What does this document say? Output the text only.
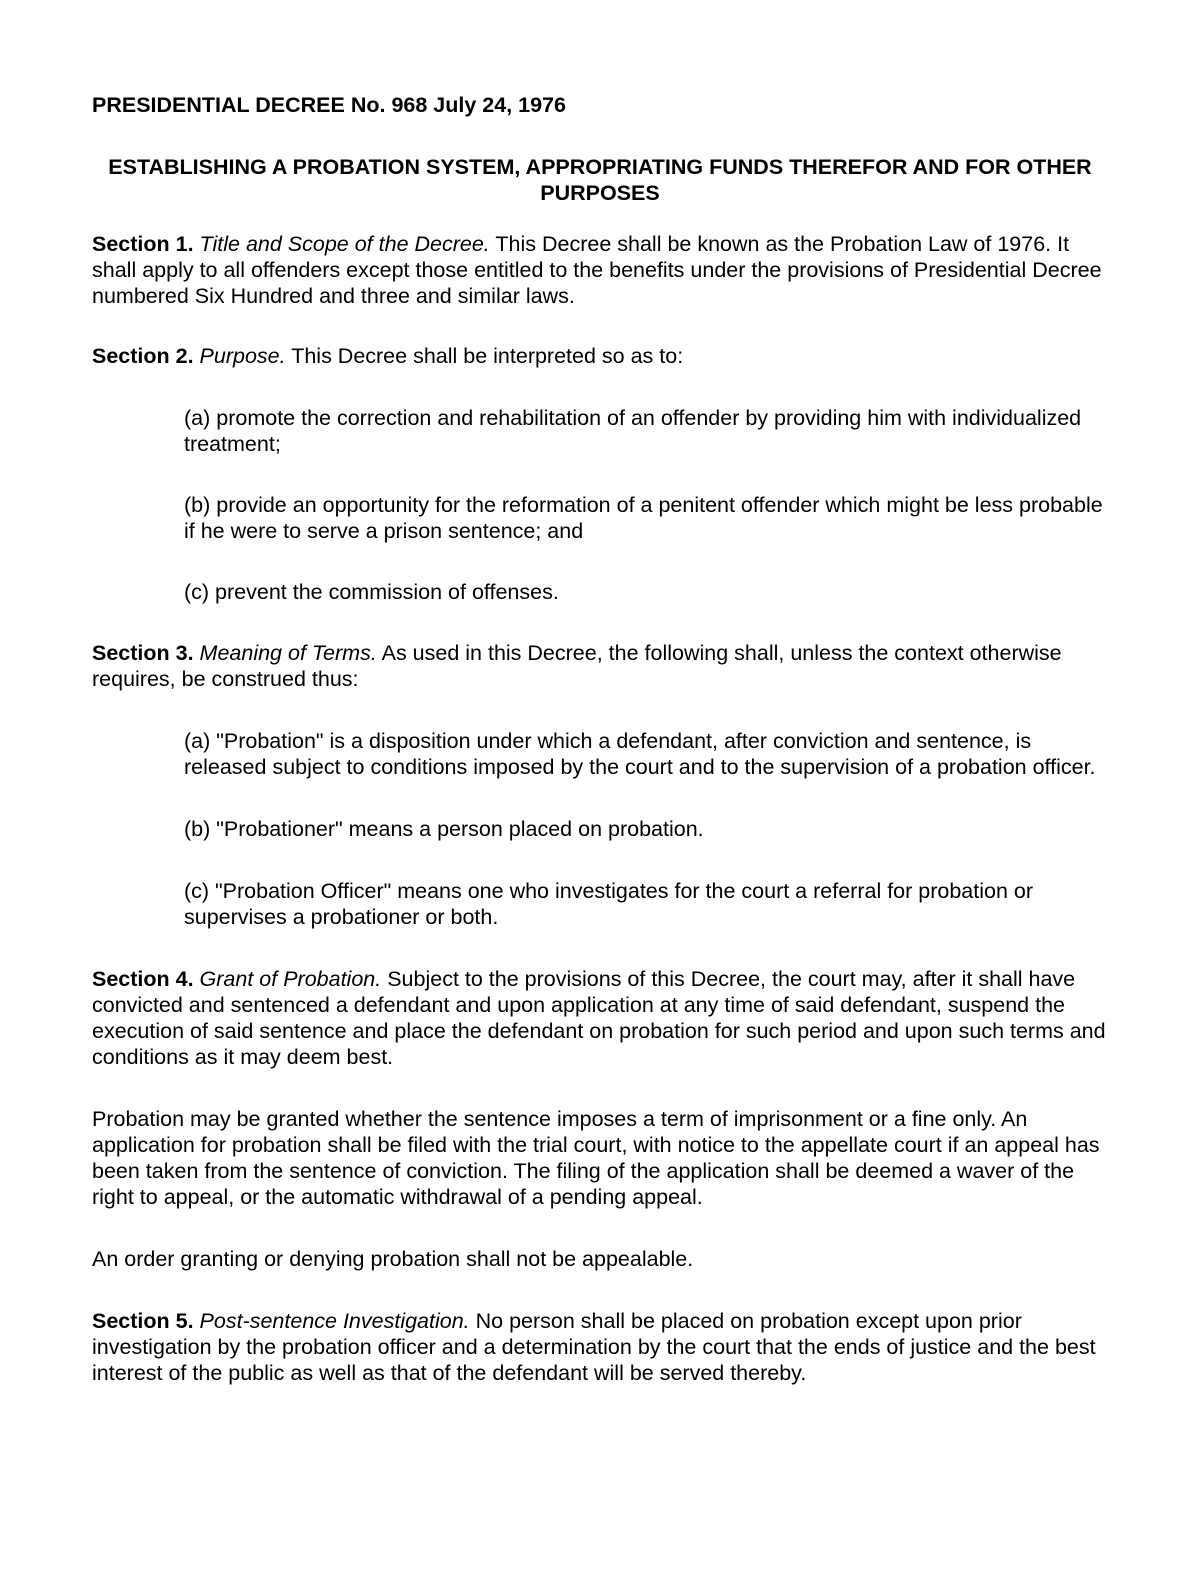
PRESIDENTIAL DECREE No. 968 July 24, 1976

ESTABLISHING A PROBATION SYSTEM, APPROPRIATING FUNDS THEREFOR AND FOR OTHER PURPOSES

Section 1. Title and Scope of the Decree. This Decree shall be known as the Probation Law of 1976. It shall apply to all offenders except those entitled to the benefits under the provisions of Presidential Decree numbered Six Hundred and three and similar laws.

Section 2. Purpose. This Decree shall be interpreted so as to:

(a) promote the correction and rehabilitation of an offender by providing him with individualized treatment;

(b) provide an opportunity for the reformation of a penitent offender which might be less probable if he were to serve a prison sentence; and

(c) prevent the commission of offenses.

Section 3. Meaning of Terms. As used in this Decree, the following shall, unless the context otherwise requires, be construed thus:

(a) "Probation" is a disposition under which a defendant, after conviction and sentence, is released subject to conditions imposed by the court and to the supervision of a probation officer.

(b) "Probationer" means a person placed on probation.

(c) "Probation Officer" means one who investigates for the court a referral for probation or supervises a probationer or both.

Section 4. Grant of Probation. Subject to the provisions of this Decree, the court may, after it shall have convicted and sentenced a defendant and upon application at any time of said defendant, suspend the execution of said sentence and place the defendant on probation for such period and upon such terms and conditions as it may deem best.

Probation may be granted whether the sentence imposes a term of imprisonment or a fine only. An application for probation shall be filed with the trial court, with notice to the appellate court if an appeal has been taken from the sentence of conviction. The filing of the application shall be deemed a waver of the right to appeal, or the automatic withdrawal of a pending appeal.

An order granting or denying probation shall not be appealable.

Section 5. Post-sentence Investigation. No person shall be placed on probation except upon prior investigation by the probation officer and a determination by the court that the ends of justice and the best interest of the public as well as that of the defendant will be served thereby.
